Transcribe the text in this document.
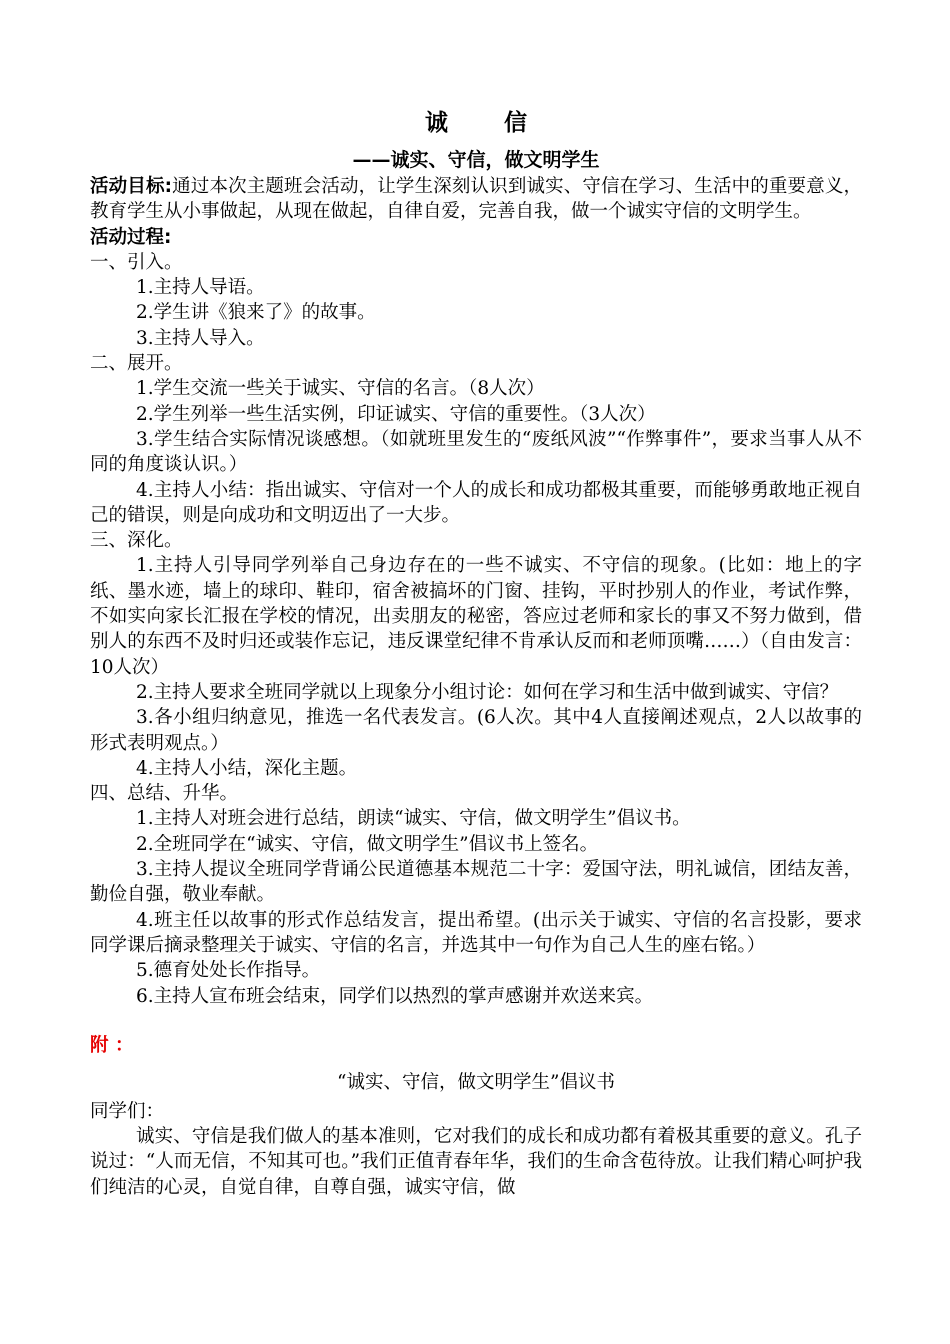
诚 信
——诚实、守信，做文明学生

活动目标:通过本次主题班会活动，让学生深刻认识到诚实、守信在学习、生活中的重要意义，教育学生从小事做起，从现在做起，自律自爱，完善自我，做一个诚实守信的文明学生。

活动过程:

一、引入。

1.主持人导语。

2.学生讲《狼来了》的故事。

3.主持人导入。

二、展开。

1.学生交流一些关于诚实、守信的名言。（8人次）

2.学生列举一些生活实例，印证诚实、守信的重要性。（3人次）

3.学生结合实际情况谈感想。（如就班里发生的“废纸风波”“作弊事件”，要求当事人从不同的角度谈认识。）

4.主持人小结：指出诚实、守信对一个人的成长和成功都极其重要，而能够勇敢地正视自己的错误，则是向成功和文明迈出了一大步。

三、深化。

1.主持人引导同学列举自己身边存在的一些不诚实、不守信的现象。(比如：地上的字纸、墨水迹，墙上的球印、鞋印，宿舍被搞坏的门窗、挂钩，平时抄别人的作业，考试作弊，不如实向家长汇报在学校的情况，出卖朋友的秘密，答应过老师和家长的事又不努力做到，借别人的东西不及时归还或装作忘记，违反课堂纪律不肯承认反而和老师顶嘴……）（自由发言：10人次）

2.主持人要求全班同学就以上现象分小组讨论：如何在学习和生活中做到诚实、守信？

3.各小组归纳意见，推选一名代表发言。(6人次。其中4人直接阐述观点，2人以故事的形式表明观点。）

4.主持人小结，深化主题。

四、总结、升华。

1.主持人对班会进行总结，朗读“诚实、守信，做文明学生”倡议书。

2.全班同学在“诚实、守信，做文明学生”倡议书上签名。

3.主持人提议全班同学背诵公民道德基本规范二十字：爱国守法，明礼诚信，团结友善，勤俭自强，敬业奉献。

4.班主任以故事的形式作总结发言，提出希望。(出示关于诚实、守信的名言投影，要求同学课后摘录整理关于诚实、守信的名言，并选其中一句作为自己人生的座右铭。）

5.德育处处长作指导。

6.主持人宣布班会结束，同学们以热烈的掌声感谢并欢送来宾。

附 ：
“诚实、守信，做文明学生”倡议书

同学们：

诚实、守信是我们做人的基本准则，它对我们的成长和成功都有着极其重要的意义。孔子说过：“人而无信，不知其可也。”我们正值青春年华，我们的生命含苞待放。让我们精心呵护我们纯洁的心灵，自觉自律，自尊自强，诚实守信，做
